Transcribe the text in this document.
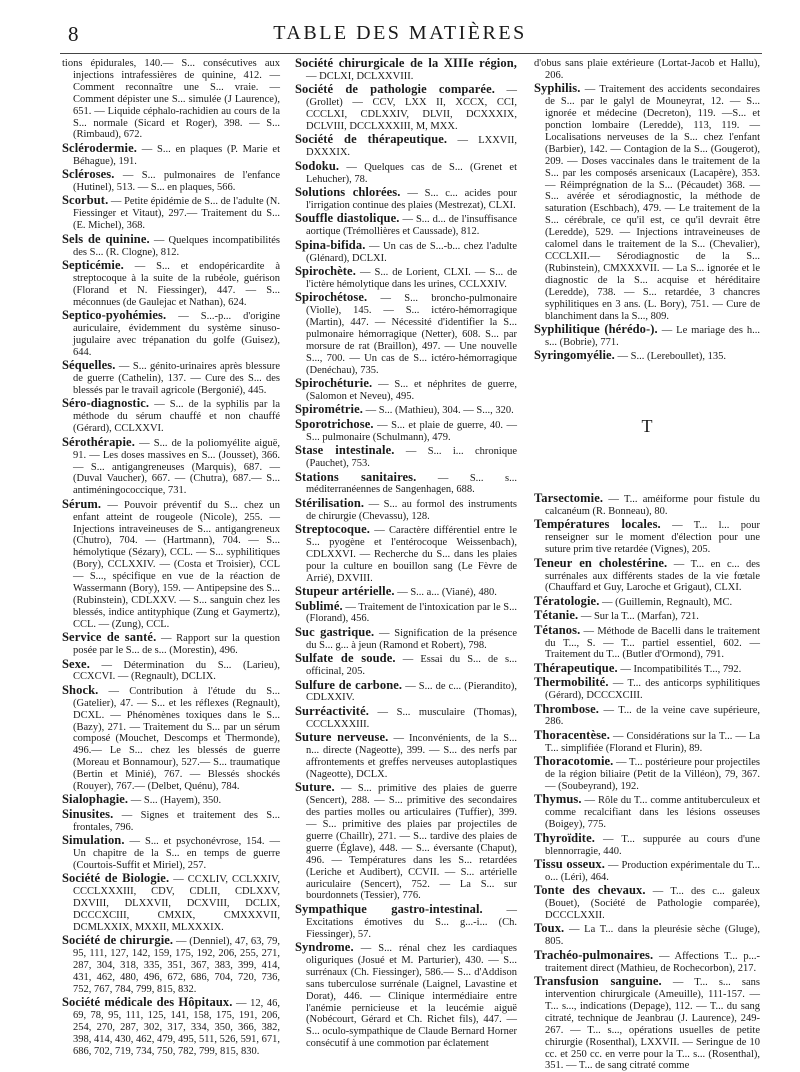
8	TABLE DES MATIÈRES

tions épidurales, 140.— S... consécutives aux injections intrafessières de quinine, 412. — Comment reconnaître une S... vraie. — Comment dépister une S... simulée (J Laurence), 651. — Liquide céphalo-rachidien au cours de la S... normale (Sicard et Roger), 398. — S... (Rimbaud), 672.

Sclérodermie. — S... en plaques (P. Marie et Béhague), 191.

Scléroses. — S... pulmonaires de l'enfance (Hutinel), 513. — S... en plaques, 566.

Scorbut. — Petite épidémie de S... de l'adulte (N. Fiessinger et Vitaut), 297.— Traitement du S... (E. Michel), 368.

Sels de quinine. — Quelques incompatibilités des S... (R. Clogne), 812.

Septicémie. — S... et endopéricardite à streptocoque à la suite de la rubéole, guérison (Florand et N. Fiessinger), 447. — S... méconnues (de Gaulejac et Nathan), 624.

Septico-pyohémies. — S...-p... d'origine auriculaire, évidemment du système sinuso-jugulaire avec trépanation du golfe (Guisez), 644.

Séquelles. — S... génito-urinaires après blessure de guerre (Cathelin), 137. — Cure des S... des blessés par le travail agricole (Bergonié), 445.

Séro-diagnostic. — S... de la syphilis par la méthode du sérum chauffé et non chauffé (Gérard), CCLXXVI.

Sérothérapie. — S... de la poliomyélite aiguë, 91. — Les doses massives en S... (Jousset), 366. — S... antigangreneuses (Marquis), 687. — (Duval Vaucher), 667. — (Chutra), 687.— S... antiméningococcique, 731.

Sérum. — Pouvoir préventif du S... chez un enfant atteint de rougeole (Nicole), 255. — Injections intraveineuses de S... antigangreneux (Chutro), 704. — (Hartmann), 704. — S... hémolytique (Sézary), CCL. — S... syphilitiques (Bory), CCLXXIV. — (Costa et Troisier), CCL — S..., spécifique en vue de la réaction de Wassermann (Bory), 159. — Antipepsine des S... (Rubinstein), CDLXXV. — S... sanguin chez les blessés, indice antityphique (Zung et Gaymertz), CCL. — (Zung), CCL.

Service de santé. — Rapport sur la question posée par le S... de s... (Morestin), 496.

Sexe. — Détermination du S... (Larieu), CCXCVI. — (Regnault), DCLIX.

Shock. — Contribution à l'étude du S... (Gatelier), 47. — S... et les réflexes (Regnault), DCXL. — Phénomènes toxiques dans le S... (Bazy), 271. — Traitement du S... par un sérum composé (Mouchet, Descomps et Thermonde), 496.— Le S... chez les blessés de guerre (Moreau et Bonnamour), 527.— S... traumatique (Bertin et Minié), 767. — Blessés shockés (Rouyer), 767.— (Delbet, Quénu), 784.

Sialophagie. — S... (Hayem), 350.

Sinusites. — Signes et traitement des S... frontales, 796.

Simulation. — S... et psychonévrose, 154. — Un chapitre de la S... en temps de guerre (Courtois-Suffit et Miriel), 257.

Société de Biologie. — CCXLIV, CCLXXIV, CCCLXXXIII, CDV, CDLII, CDLXXV, DXVIII, DLXXVII, DCXVIII, DCLIX, DCCCXCIII, CMXIX, CMXXXVII, DCMLXXIX, MXXII, MLXXXIX.

Société de chirurgie. — (Denniel), 47, 63, 79, 95, 111, 127, 142, 159, 175, 192, 206, 255, 271, 287, 304, 318, 335, 351, 367, 383, 399, 414, 431, 462, 480, 496, 672, 686, 704, 720, 736, 752, 767, 784, 799, 815, 832.

Société médicale des Hôpitaux. — 12, 46, 69, 78, 95, 111, 125, 141, 158, 175, 191, 206, 254, 270, 287, 302, 317, 334, 350, 366, 382, 398, 414, 430, 462, 479, 495, 511, 526, 591, 671, 686, 702, 719, 734, 750, 782, 799, 815, 830.

Société chirurgicale de la XIIIe région, — DCLXI, DCLXXVIII.

Société de pathologie comparée. — (Grollet) — CCV, LXX II, XCCX, CCI, CCCLXI, CDLXXIV, DLVII, DCXXXIX, DCLVIII, DCCLXXXIII, M, MXX.

Société de thérapeutique. — LXXVII, DXXXIX.

Sodoku. — Quelques cas de S... (Grenet et Lehucher), 78.

Solutions chlorées. — S... c... acides pour l'irrigation continue des plaies (Mestrezat), CLXI.

Souffle diastolique. — S... d... de l'insuffisance aortique (Trémollières et Caussade), 812.

Spina-bifida. — Un cas de S...-b... chez l'adulte (Glénard), DCLXI.

Spirochète. — S... de Lorient, CLXI. — S... de l'ictère hémolytique dans les urines, CCLXXIV.

Spirochétose. — S... broncho-pulmonaire (Violle), 145. — S... ictéro-hémorragique (Martin), 447. — Nécessité d'identifier la S... pulmonaire hémorragique (Netter), 608. S... par morsure de rat (Braillon), 497. — Une nouvelle S..., 700. — Un cas de S... ictéro-hémorragique (Denéchau), 735.

Spirochéturie. — S... et néphrites de guerre, (Salomon et Neveu), 495.

Spirométrie. — S... (Mathieu), 304. — S..., 320.

Sporotrichose. — S... et plaie de guerre, 40. — S... pulmonaire (Schulmann), 479.

Stase intestinale. — S... i... chronique (Pauchet), 753.

Stations sanitaires. — S... s... méditerranéennes de Sangenhagen, 688.

Stérilisation. — S... au formol des instruments de chirurgie (Chevassu), 128.

Streptocoque. — Caractère différentiel entre le S... pyogène et l'entérocoque Weissenbach), CDLXXVI. — Recherche du S... dans les plaies pour la culture en bouillon sang (Le Fèvre de Arrié), DXVIII.

Stupeur artérielle. — S... a... (Viané), 480.

Sublimé. — Traitement de l'intoxication par le S... (Florand), 456.

Suc gastrique. — Signification de la présence du S... g... à jeun (Ramond et Robert), 798.

Sulfate de soude. — Essai du S... de s... officinal, 205.

Sulfure de carbone. — S... de c... (Pierandito), CDLXXIV.

Surréactivité. — S... musculaire (Thomas), CCCLXXXIII.

Suture nerveuse. — Inconvénients, de la S... n... directe (Nageotte), 399. — S... des nerfs par affrontements et greffes nerveuses autoplastiques (Nageotte), DCLX.

Suture. — S... primitive des plaies de guerre (Sencert), 288. — S... primitive des secondaires des parties molles ou articulaires (Tuffier), 399. — S... primitive des plaies par projectiles de guerre (Chaillr), 271. — S... tardive des plaies de guerre (Églave), 448. — S... éversante (Chaput), 496. — Températures dans les S... retardées (Leriche et Audibert), CCVII. — S... artérielle auriculaire (Sencert), 752. — La S... sur bourdonnets (Tessier), 776.

Sympathique gastro-intestinal. — Excitations émotives du S... g...-i... (Ch. Fiessinger), 57.

Syndrome. — S... rénal chez les cardiaques oliguriques (Josué et M. Parturier), 430. — S... surrénaux (Ch. Fiessinger), 586.— S... d'Addison sans tuberculose surrénale (Laignel, Lavastine et Dorat), 446. — Clinique intermédiaire entre l'anémie pernicieuse et la leucémie aiguë (Nobécourt, Gérard et Ch. Richet fils), 447. — S... oculo-sympathique de Claude Bernard Horner consécutif à une commotion par éclatement

d'obus sans plaie extérieure (Lortat-Jacob et Hallu), 206.

Syphilis. — Traitement des accidents secondaires de S... par le galyl de Mouneyrat, 12. — S... ignorée et médecine (Decreton), 119. —S... et ponction lombaire (Leredde), 113, 119. — Localisations nerveuses de la S... chez l'enfant (Barbier), 142. — Contagion de la S... (Gougerot), 209. — Doses vaccinales dans le traitement de la S... par les composés arsenicaux (Lacapère), 353. — Réimprégnation de la S... (Pécaudet) 368. — S... avérée et sérodiagnostic, la méthode de saturation (Eschbach), 479. — Le traitement de la S... cérébrale, ce qu'il est, ce qu'il devrait être (Leredde), 529. — Injections intraveineuses de calomel dans le traitement de la S... (Chevalier), CCCLXII.— Sérodiagnostic de la S... (Rubinstein), CMXXXVII. — La S... ignorée et le diagnostic de la S... acquise et héréditaire (Leredde), 738. — S... retardée, 3 chancres syphilitiques en 3 ans. (L. Bory), 751. — Cure de blanchiment dans la S..., 809.

Syphilitique (hérédo-). — Le mariage des h... s... (Bobrie), 771.

Syringomyélie. — S... (Lereboullet), 135.

T

Tarsectomie. — T... améiforme pour fistule du calcanéum (R. Bonneau), 80.

Températures locales. — T... l... pour renseigner sur le moment d'élection pour une suture prim tive retardée (Vignes), 205.

Teneur en cholestérine. — T... en c... des surrénales aux différents stades de la vie fœtale (Chauffard et Guy, Laroche et Grigaut), CLXI.

Tératologie. — (Guillemin, Regnault), MC.

Tétanie. — Sur la T... (Marfan), 721.

Tétanos. — Méthode de Bacelli dans le traitement du T..., S. — T... partiel essentiel, 602. — Traitement du T... (Butler d'Ormond), 791.

Thérapeutique. — Incompatibilités T..., 792.

Thermobilité. — T... des anticorps syphilitiques (Gérard), DCCCXCIII.

Thrombose. — T... de la veine cave supérieure, 286.

Thoracentèse. — Considérations sur la T... — La T... simplifiée (Florand et Flurin), 89.

Thoracotomie. — T... postérieure pour projectiles de la région biliaire (Petit de la Villéon), 79, 367. — (Soubeyrand), 192.

Thymus. — Rôle du T... comme antituberculeux et comme recalcifiant dans les lésions osseuses (Boigey), 775.

Thyroïdite. — T... suppurée au cours d'une blennorragie, 440.

Tissu osseux. — Production expérimentale du T... o... (Léri), 464.

Tonte des chevaux. — T... des c... galeux (Bouet), (Société de Pathologie comparée), DCCCLXXII.

Toux. — La T... dans la pleurésie sèche (Gluge), 805.

Trachéo-pulmonaires. — Affections T... p...-traitement direct (Mathieu, de Rochecorbon), 217.

Transfusion sanguine. — T... s... sans intervention chirurgicale (Ameuille), 111-157. — T... s..., indications (Depage), 112. — T... du sang citraté, technique de Jeanbrau (J. Laurence), 249-267. — T... s..., opérations usuelles de petite chirurgie (Rosenthal), LXXVII. — Seringue de 10 cc. et 250 cc. en verre pour la T... s... (Rosenthal), 351. — T... de sang citraté comme
